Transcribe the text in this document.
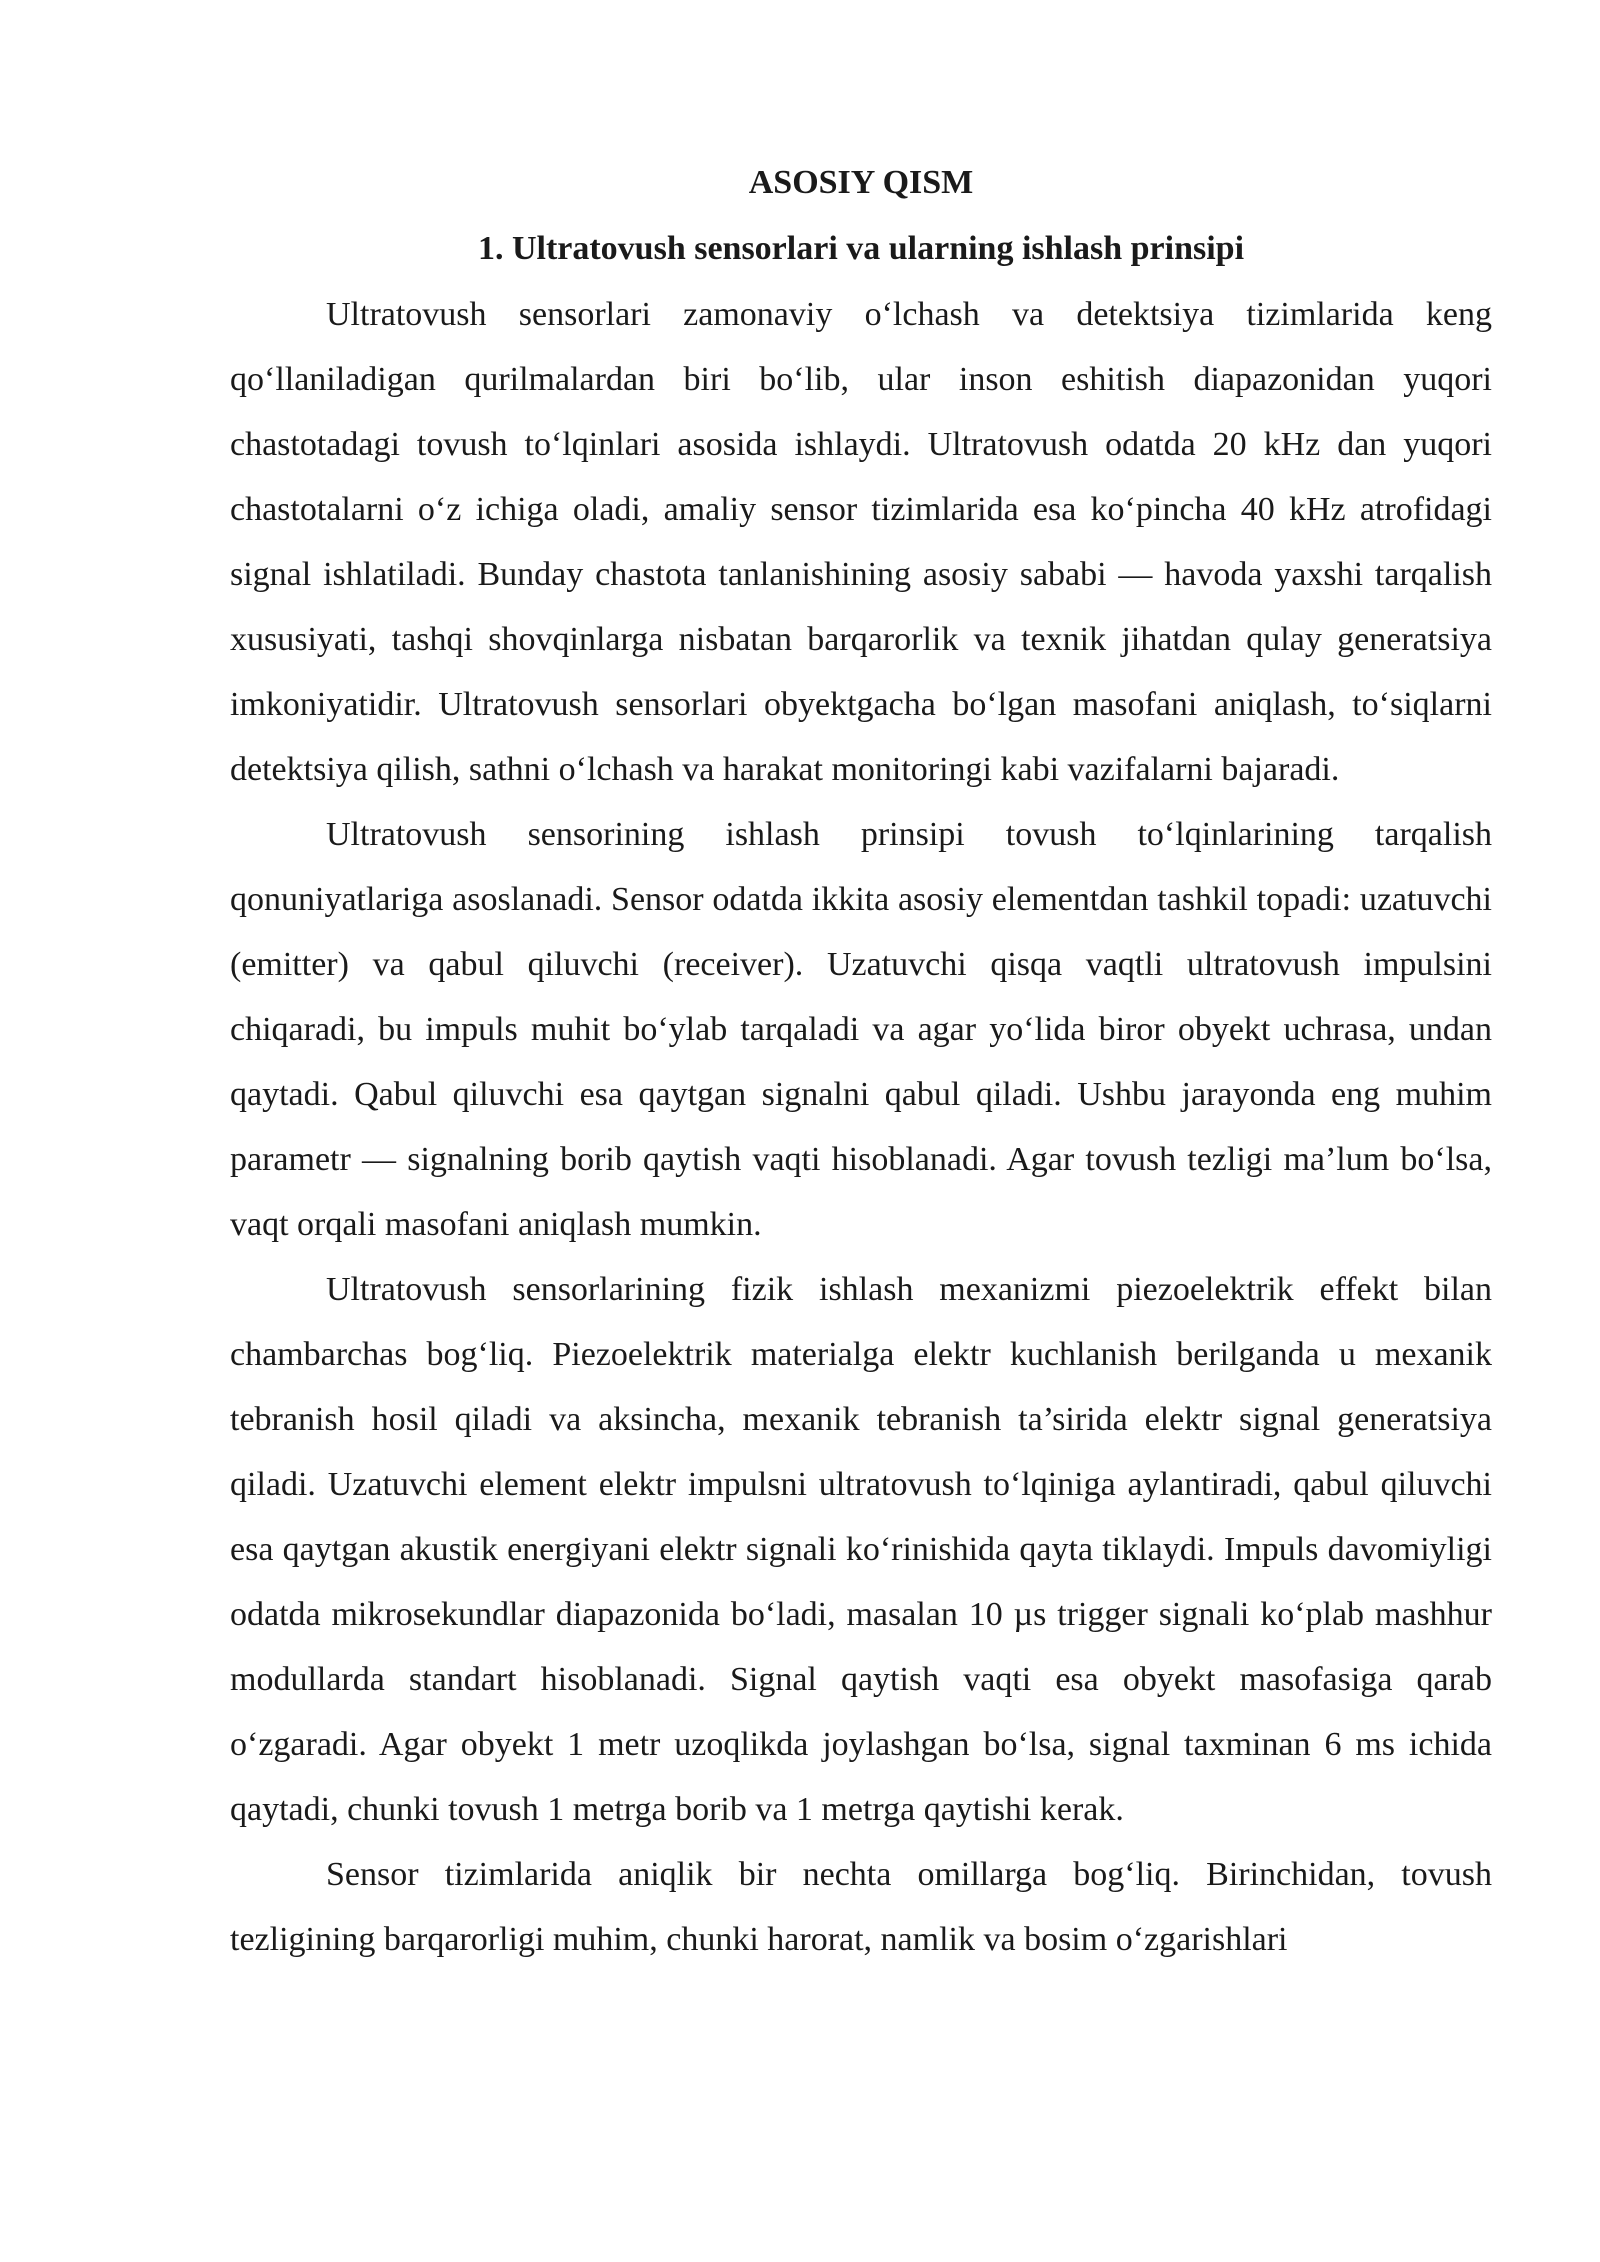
ASOSIY QISM

1. Ultratovush sensorlari va ularning ishlash prinsipi

Ultratovush sensorlari zamonaviy o‘lchash va detektsiya tizimlarida keng qo‘llaniladigan qurilmalardan biri bo‘lib, ular inson eshitish diapazonidan yuqori chastotadagi tovush to‘lqinlari asosida ishlaydi. Ultratovush odatda 20 kHz dan yuqori chastotalarni o‘z ichiga oladi, amaliy sensor tizimlarida esa ko‘pincha 40 kHz atrofidagi signal ishlatiladi. Bunday chastota tanlanishining asosiy sababi — havoda yaxshi tarqalish xususiyati, tashqi shovqinlarga nisbatan barqarorlik va texnik jihatdan qulay generatsiya imkoniyatidir. Ultratovush sensorlari obyektgacha bo‘lgan masofani aniqlash, to‘siqlarni detektsiya qilish, sathni o‘lchash va harakat monitoringi kabi vazifalarni bajaradi.

Ultratovush sensorining ishlash prinsipi tovush to‘lqinlarining tarqalish qonuniyatlariga asoslanadi. Sensor odatda ikkita asosiy elementdan tashkil topadi: uzatuvchi (emitter) va qabul qiluvchi (receiver). Uzatuvchi qisqa vaqtli ultratovush impulsini chiqaradi, bu impuls muhit bo‘ylab tarqaladi va agar yo‘lida biror obyekt uchrasa, undan qaytadi. Qabul qiluvchi esa qaytgan signalni qabul qiladi. Ushbu jarayonda eng muhim parametr — signalning borib qaytish vaqti hisoblanadi. Agar tovush tezligi ma’lum bo‘lsa, vaqt orqali masofani aniqlash mumkin.

Ultratovush sensorlarining fizik ishlash mexanizmi piezoelektrik effekt bilan chambarchas bog‘liq. Piezoelektrik materialga elektr kuchlanish berilganda u mexanik tebranish hosil qiladi va aksincha, mexanik tebranish ta’sirida elektr signal generatsiya qiladi. Uzatuvchi element elektr impulsni ultratovush to‘lqiniga aylantiradi, qabul qiluvchi esa qaytgan akustik energiyani elektr signali ko‘rinishida qayta tiklaydi. Impuls davomiyligi odatda mikrosekundlar diapazonida bo‘ladi, masalan 10 µs trigger signali ko‘plab mashhur modullarda standart hisoblanadi. Signal qaytish vaqti esa obyekt masofasiga qarab o‘zgaradi. Agar obyekt 1 metr uzoqlikda joylashgan bo‘lsa, signal taxminan 6 ms ichida qaytadi, chunki tovush 1 metrga borib va 1 metrga qaytishi kerak.

Sensor tizimlarida aniqlik bir nechta omillarga bog‘liq. Birinchidan, tovush tezligining barqarorligi muhim, chunki harorat, namlik va bosim o‘zgarishlari
